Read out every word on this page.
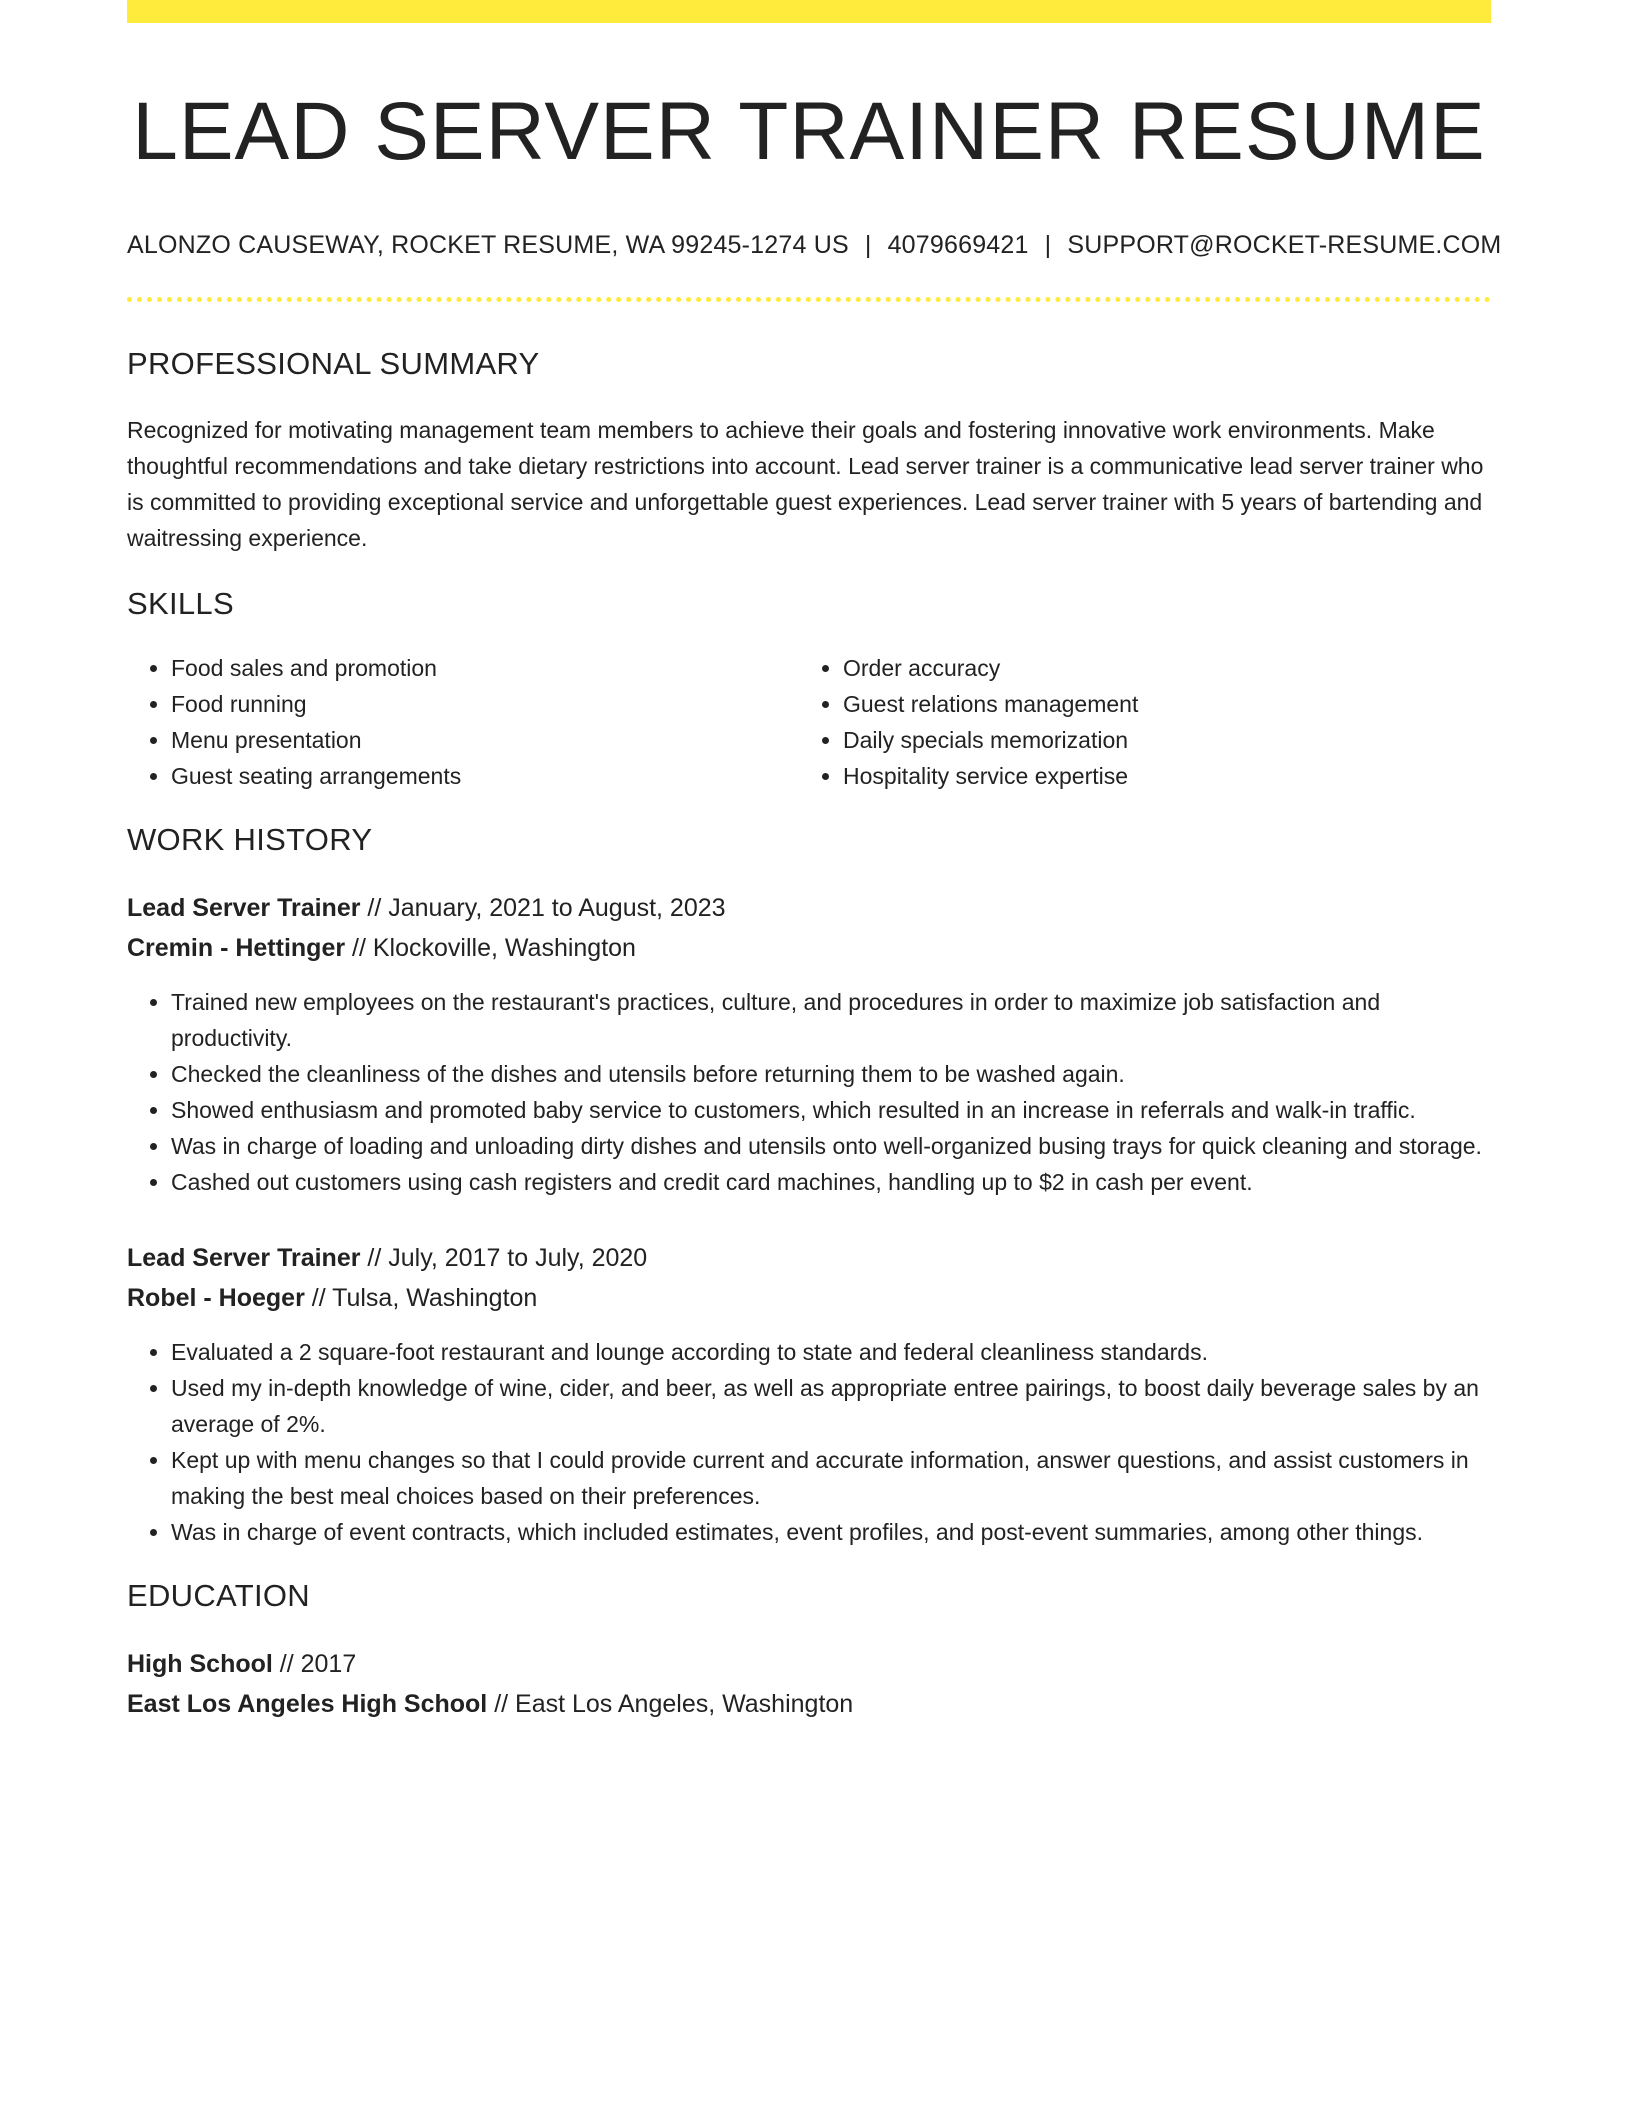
LEAD SERVER TRAINER RESUME
ALONZO CAUSEWAY, ROCKET RESUME, WA 99245-1274 US | 4079669421 | SUPPORT@ROCKET-RESUME.COM
PROFESSIONAL SUMMARY

Recognized for motivating management team members to achieve their goals and fostering innovative work environments. Make thoughtful recommendations and take dietary restrictions into account. Lead server trainer is a communicative lead server trainer who is committed to providing exceptional service and unforgettable guest experiences. Lead server trainer with 5 years of bartending and waitressing experience.

SKILLS
• Food sales and promotion
• Food running
• Menu presentation
• Guest seating arrangements
• Order accuracy
• Guest relations management
• Daily specials memorization
• Hospitality service expertise
WORK HISTORY
Lead Server Trainer // January, 2021 to August, 2023
Cremin - Hettinger // Klockoville, Washington
• Trained new employees on the restaurant's practices, culture, and procedures in order to maximize job satisfaction and productivity.
• Checked the cleanliness of the dishes and utensils before returning them to be washed again.
• Showed enthusiasm and promoted baby service to customers, which resulted in an increase in referrals and walk-in traffic.
• Was in charge of loading and unloading dirty dishes and utensils onto well-organized busing trays for quick cleaning and storage.
• Cashed out customers using cash registers and credit card machines, handling up to $2 in cash per event.
Lead Server Trainer // July, 2017 to July, 2020
Robel - Hoeger // Tulsa, Washington
• Evaluated a 2 square-foot restaurant and lounge according to state and federal cleanliness standards.
• Used my in-depth knowledge of wine, cider, and beer, as well as appropriate entree pairings, to boost daily beverage sales by an average of 2%.
• Kept up with menu changes so that I could provide current and accurate information, answer questions, and assist customers in making the best meal choices based on their preferences.
• Was in charge of event contracts, which included estimates, event profiles, and post-event summaries, among other things.
EDUCATION
High School // 2017
East Los Angeles High School // East Los Angeles, Washington
